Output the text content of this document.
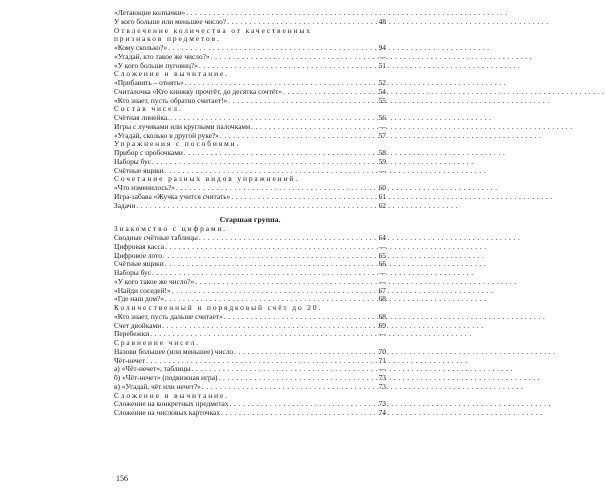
«Летающие колпачки»
. . .
У кого больше или меньшее число? . . .	48
Отвлечение количества от качественных
признаков предметов.
«Кому сколько?» . . .	94
«Угадай, кто такое же число?» . . .	—
«У кого больше пуговиц?» . . .	51
Сложение и вычитание.
«Прибавить – отнять» . . .	52
Считалочка «Кто книжку прочтёт, до десятка сочтёт» . . .	54
«Кто знает, пусть обратно считает!» . . .	55
Состав чисел.
Счётная линейка. . . .	56
Игры с лучиками или круглыми палочками . . .	—
«Угадай, сколько в другой руке?» . . .	57
Упражнения с пособиями.
Прибор с пробочками . . .	58
Наборы бус . . .	59
Счётные ящики . . .	—
Сочетание разных видов упражнений.
«Что изменилось?» . . .	60
Игра-забава «Жучка учится считать» . . .	61
Задачи . . .	62
Старшая группа.
Знакомство с цифрами.
Сводные счётные таблицы . . .	64
Цифровая касса . . .	—
Цифровое лото . . .	65
Счётные ящики . . .	66
Наборы бус . . .	—
«У кого такое же число?» . . .	—
«Найди соседей!» . . .	67
«Где наш дом?» . . .	68
Количественный и порядковый счёт до 20.
«Кто знает, пусть дальше считает» . . .	68
Счет двойками . . .	69
Перебежки . . .	—
Сравнение чисел.
Назови большее (или меньшее) число . . .	70
Чёт-нечет . . .	71
а) «Чёт-нечет», таблицы . . .	—
б) «Чёт-нечет» (подвижная игра) . . .	73
в) «Угадай, чёт или нечет?» . . .	73
Сложение и вычитание.
Сложение на конкретных предметах . . .	73
Сложение на числовых карточках . . .	74
156
